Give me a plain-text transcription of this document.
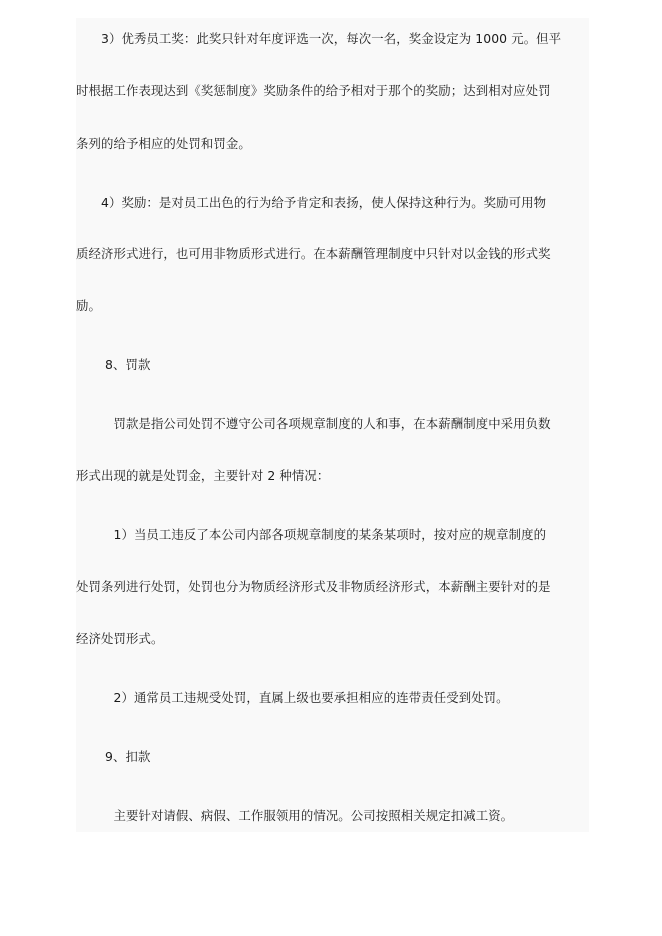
　　3）优秀员工奖：此奖只针对年度评选一次，每次一名，奖金设定为 1000 元。但平
时根据工作表现达到《奖惩制度》奖励条件的给予相对于那个的奖励；达到相对应处罚
条列的给予相应的处罚和罚金。
　　4）奖励：是对员工出色的行为给予肯定和表扬，使人保持这种行为。奖励可用物
质经济形式进行，也可用非物质形式进行。在本薪酬管理制度中只针对以金钱的形式奖
励。
　　 8、罚款
　　　罚款是指公司处罚不遵守公司各项规章制度的人和事，在本薪酬制度中采用负数
形式出现的就是处罚金，主要针对 2 种情况：
　　　1）当员工违反了本公司内部各项规章制度的某条某项时，按对应的规章制度的
处罚条列进行处罚，处罚也分为物质经济形式及非物质经济形式，本薪酬主要针对的是
经济处罚形式。
　　　2）通常员工违规受处罚，直属上级也要承担相应的连带责任受到处罚。
　　 9、扣款
　　　主要针对请假、病假、工作服领用的情况。公司按照相关规定扣减工资。
